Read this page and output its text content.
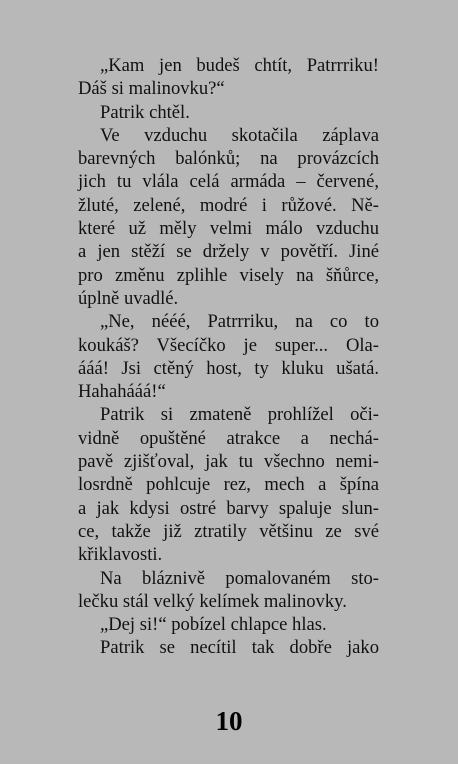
„Kam jen budeš chtít, Patrrriku!
Dáš si malinovku?“
Patrik chtěl.
Ve vzduchu skotačila záplava
barevných balónků; na provázcích
jich tu vlála celá armáda – červené,
žluté, zelené, modré i růžové. Ně-
které už měly velmi málo vzduchu
a jen stěží se držely v povětří. Jiné
pro změnu zplihle visely na šňůrce,
úplně uvadlé.
„Ne, nééé, Patrrriku, na co to
koukáš? Všecíčko je super... Ola-
ááá! Jsi ctěný host, ty kluku ušatá.
Hahahááá!“
Patrik si zmateně prohlížel oči-
vidně opuštěné atrakce a nechá-
pavě zjišťoval, jak tu všechno nemi-
losrdně pohlcuje rez, mech a špína
a jak kdysi ostré barvy spaluje slun-
ce, takže již ztratily většinu ze své
křiklavosti.
Na bláznivě pomalovaném sto-
lečku stál velký kelímek malinovky.
„Dej si!“ pobízel chlapce hlas.
Patrik se necítil tak dobře jako
10
